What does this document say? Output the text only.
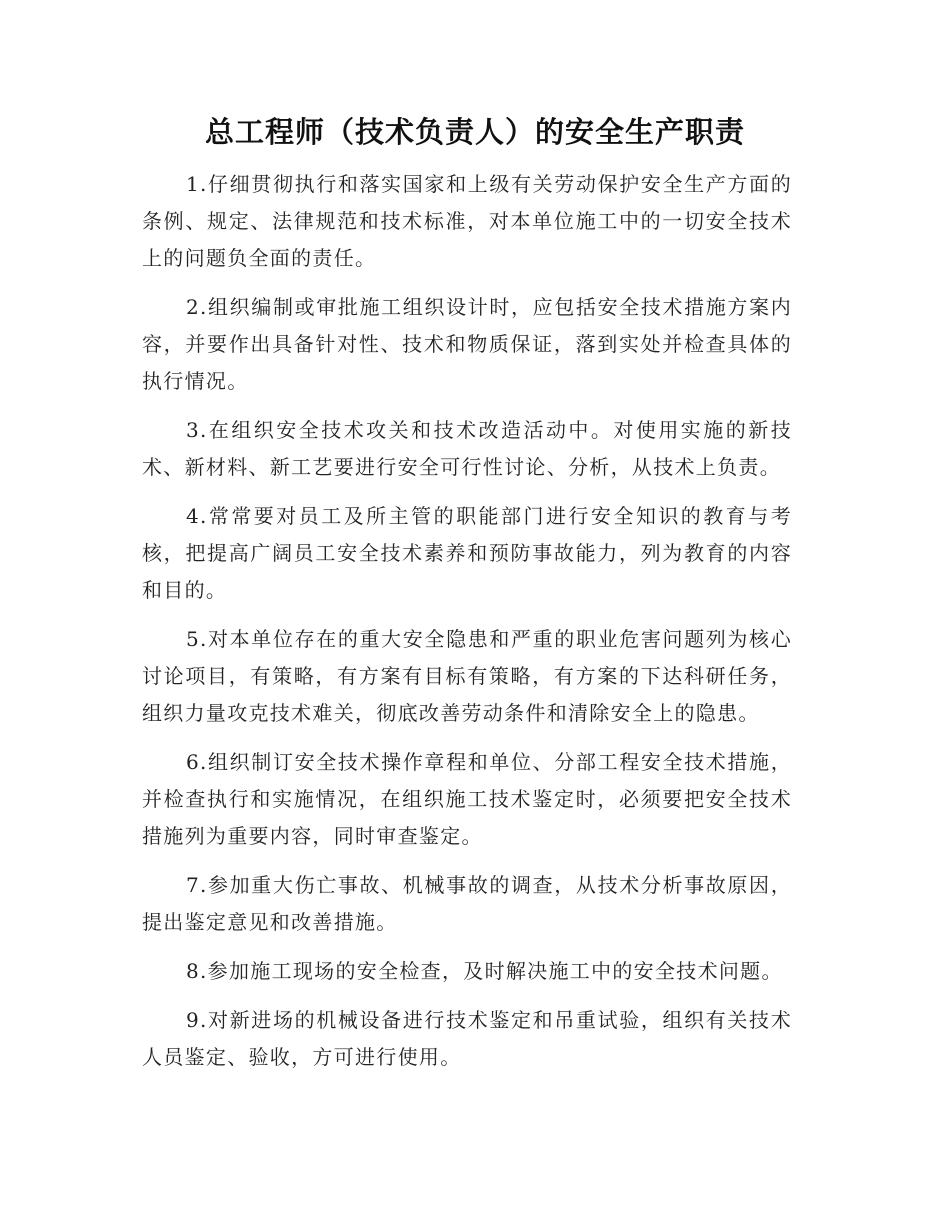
总工程师（技术负责人）的安全生产职责

1.仔细贯彻执行和落实国家和上级有关劳动保护安全生产方面的条例、规定、法律规范和技术标准，对本单位施工中的一切安全技术上的问题负全面的责任。

2.组织编制或审批施工组织设计时，应包括安全技术措施方案内容，并要作出具备针对性、技术和物质保证，落到实处并检查具体的执行情况。

3.在组织安全技术攻关和技术改造活动中。对使用实施的新技术、新材料、新工艺要进行安全可行性讨论、分析，从技术上负责。

4.常常要对员工及所主管的职能部门进行安全知识的教育与考核，把提高广阔员工安全技术素养和预防事故能力，列为教育的内容和目的。

5.对本单位存在的重大安全隐患和严重的职业危害问题列为核心讨论项目，有策略，有方案有目标有策略，有方案的下达科研任务，组织力量攻克技术难关，彻底改善劳动条件和清除安全上的隐患。

6.组织制订安全技术操作章程和单位、分部工程安全技术措施，并检查执行和实施情况，在组织施工技术鉴定时，必须要把安全技术措施列为重要内容，同时审查鉴定。

7.参加重大伤亡事故、机械事故的调查，从技术分析事故原因，提出鉴定意见和改善措施。

8.参加施工现场的安全检查，及时解决施工中的安全技术问题。

9.对新进场的机械设备进行技术鉴定和吊重试验，组织有关技术人员鉴定、验收，方可进行使用。
